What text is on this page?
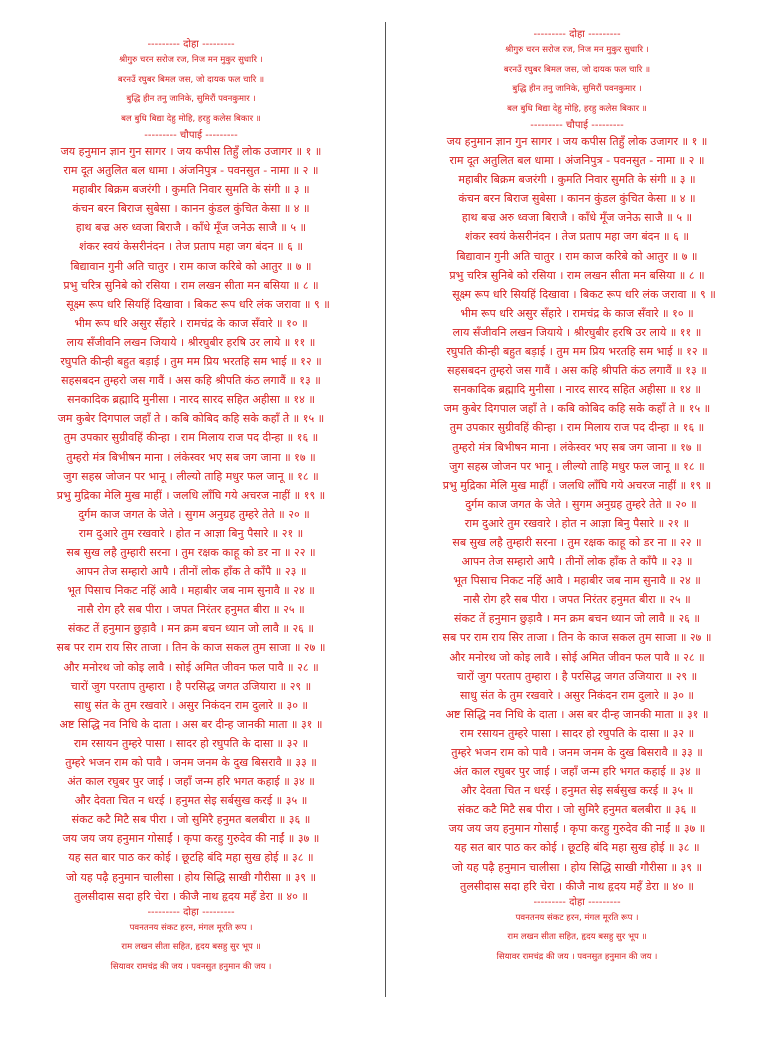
--------- दोहा ---------
श्रीगुरु चरन सरोज रज, निज मन मुकुर सुधारि ।
बरनउँ रघुबर बिमल जस, जो दायक फल चारि ॥
बुद्धि हीन तनु जानिके, सुमिरौं पवनकुमार ।
बल बुधि बिद्या देहु मोहि, हरहु कलेस बिकार ॥
--------- चौपाई ---------
जय हनुमान ज्ञान गुन सागर । जय कपीस तिहुँ लोक उजागर ॥ १ ॥
राम दूत अतुलित बल धामा । अंजनिपुत्र - पवनसुत - नामा ॥ २ ॥
महाबीर बिक्रम बजरंगी । कुमति निवार सुमति के संगी ॥ ३ ॥
कंचन बरन बिराज सुबेसा । कानन कुंडल कुंचित केसा ॥ ४ ॥
हाथ बज्र अरु ध्वजा बिराजै । काँधे मूँज जनेऊ साजै ॥ ५ ॥
शंकर स्वयं केसरीनंदन । तेज प्रताप महा जग बंदन ॥ ६ ॥
बिद्यावान गुनी अति चातुर । राम काज करिबे को आतुर ॥ ७ ॥
प्रभु चरित्र सुनिबे को रसिया । राम लखन सीता मन बसिया ॥ ८ ॥
सूक्ष्म रूप धरि सियहिं दिखावा । बिकट रूप धरि लंक जरावा ॥ ९ ॥
भीम रूप धरि असुर सँहारे । रामचंद्र के काज सँवारे ॥ १० ॥
लाय सँजीवनि लखन जियाये । श्रीरघुबीर हरषि उर लाये ॥ ११ ॥
रघुपति कीन्ही बहुत बड़ाई । तुम मम प्रिय भरतहि सम भाई ॥ १२ ॥
सहसबदन तुम्हरो जस गावैं । अस कहि श्रीपति कंठ लगावैं ॥ १३ ॥
सनकादिक ब्रह्मादि मुनीसा । नारद सारद सहित अहीसा ॥ १४ ॥
जम कुबेर दिगपाल जहाँ ते । कबि कोबिद कहि सके कहाँ ते ॥ १५ ॥
तुम उपकार सुग्रीवहिं कीन्हा । राम मिलाय राज पद दीन्हा ॥ १६ ॥
तुम्हरो मंत्र बिभीषन माना । लंकेस्वर भए सब जग जाना ॥ १७ ॥
जुग सहस्र जोजन पर भानू । लील्यो ताहि मधुर फल जानू ॥ १८ ॥
प्रभु मुद्रिका मेलि मुख माहीं । जलधि लाँघि गये अचरज नाहीं ॥ १९ ॥
दुर्गम काज जगत के जेते । सुगम अनुग्रह तुम्हरे तेते ॥ २० ॥
राम दुआरे तुम रखवारे । होत न आज्ञा बिनु पैसारे ॥ २१ ॥
सब सुख लहै तुम्हारी सरना । तुम रक्षक काहू को डर ना ॥ २२ ॥
आपन तेज सम्हारो आपै । तीनों लोक हाँक ते काँपै ॥ २३ ॥
भूत पिसाच निकट नहिं आवै । महाबीर जब नाम सुनावै ॥ २४ ॥
नासै रोग हरै सब पीरा । जपत निरंतर हनुमत बीरा ॥ २५ ॥
संकट तें हनुमान छुड़ावै । मन क्रम बचन ध्यान जो लावै ॥ २६ ॥
सब पर राम राय सिर ताजा । तिन के काज सकल तुम साजा ॥ २७ ॥
और मनोरथ जो कोइ लावै । सोई अमित जीवन फल पावै ॥ २८ ॥
चारों जुग परताप तुम्हारा । है परसिद्ध जगत उजियारा ॥ २९ ॥
साधु संत के तुम रखवारे । असुर निकंदन राम दुलारे ॥ ३० ॥
अष्ट सिद्धि नव निधि के दाता । अस बर दीन्ह जानकी माता ॥ ३१ ॥
राम रसायन तुम्हरे पासा । सादर हो रघुपति के दासा ॥ ३२ ॥
तुम्हरे भजन राम को पावै । जनम जनम के दुख बिसरावै ॥ ३३ ॥
अंत काल रघुबर पुर जाई । जहाँ जन्म हरि भगत कहाई ॥ ३४ ॥
और देवता चित न धरई । हनुमत सेइ सर्बसुख करई ॥ ३५ ॥
संकट कटै मिटै सब पीरा । जो सुमिरै हनुमत बलबीरा ॥ ३६ ॥
जय जय जय हनुमान गोसाईं । कृपा करहु गुरुदेव की नाईं ॥ ३७ ॥
यह सत बार पाठ कर कोई । छूटहि बंदि महा सुख होई ॥ ३८ ॥
जो यह पढ़ै हनुमान चालीसा । होय सिद्धि साखी गौरीसा ॥ ३९ ॥
तुलसीदास सदा हरि चेरा । कीजै नाथ हृदय महँ डेरा ॥ ४० ॥
--------- दोहा ---------
पवनतनय संकट हरन, मंगल मूरति रूप ।
राम लखन सीता सहित, हृदय बसहु सुर भूप ॥
सियावर रामचंद्र की जय । पवनसुत हनुमान की जय ।
--------- दोहा ---------
श्रीगुरु चरन सरोज रज, निज मन मुकुर सुधारि ।
बरनउँ रघुबर बिमल जस, जो दायक फल चारि ॥
बुद्धि हीन तनु जानिके, सुमिरौं पवनकुमार ।
बल बुधि बिद्या देहु मोहि, हरहु कलेस बिकार ॥
--------- चौपाई ---------
जय हनुमान ज्ञान गुन सागर । जय कपीस तिहुँ लोक उजागर ॥ १ ॥
राम दूत अतुलित बल धामा । अंजनिपुत्र - पवनसुत - नामा ॥ २ ॥
महाबीर बिक्रम बजरंगी । कुमति निवार सुमति के संगी ॥ ३ ॥
कंचन बरन बिराज सुबेसा । कानन कुंडल कुंचित केसा ॥ ४ ॥
हाथ बज्र अरु ध्वजा बिराजै । काँधे मूँज जनेऊ साजै ॥ ५ ॥
शंकर स्वयं केसरीनंदन । तेज प्रताप महा जग बंदन ॥ ६ ॥
बिद्यावान गुनी अति चातुर । राम काज करिबे को आतुर ॥ ७ ॥
प्रभु चरित्र सुनिबे को रसिया । राम लखन सीता मन बसिया ॥ ८ ॥
सूक्ष्म रूप धरि सियहिं दिखावा । बिकट रूप धरि लंक जरावा ॥ ९ ॥
भीम रूप धरि असुर सँहारे । रामचंद्र के काज सँवारे ॥ १० ॥
लाय सँजीवनि लखन जियाये । श्रीरघुबीर हरषि उर लाये ॥ ११ ॥
रघुपति कीन्ही बहुत बड़ाई । तुम मम प्रिय भरतहि सम भाई ॥ १२ ॥
सहसबदन तुम्हरो जस गावैं । अस कहि श्रीपति कंठ लगावैं ॥ १३ ॥
सनकादिक ब्रह्मादि मुनीसा । नारद सारद सहित अहीसा ॥ १४ ॥
जम कुबेर दिगपाल जहाँ ते । कबि कोबिद कहि सके कहाँ ते ॥ १५ ॥
तुम उपकार सुग्रीवहिं कीन्हा । राम मिलाय राज पद दीन्हा ॥ १६ ॥
तुम्हरो मंत्र बिभीषन माना । लंकेस्वर भए सब जग जाना ॥ १७ ॥
जुग सहस्र जोजन पर भानू । लील्यो ताहि मधुर फल जानू ॥ १८ ॥
प्रभु मुद्रिका मेलि मुख माहीं । जलधि लाँघि गये अचरज नाहीं ॥ १९ ॥
दुर्गम काज जगत के जेते । सुगम अनुग्रह तुम्हरे तेते ॥ २० ॥
राम दुआरे तुम रखवारे । होत न आज्ञा बिनु पैसारे ॥ २१ ॥
सब सुख लहै तुम्हारी सरना । तुम रक्षक काहू को डर ना ॥ २२ ॥
आपन तेज सम्हारो आपै । तीनों लोक हाँक ते काँपै ॥ २३ ॥
भूत पिसाच निकट नहिं आवै । महाबीर जब नाम सुनावै ॥ २४ ॥
नासै रोग हरै सब पीरा । जपत निरंतर हनुमत बीरा ॥ २५ ॥
संकट तें हनुमान छुड़ावै । मन क्रम बचन ध्यान जो लावै ॥ २६ ॥
सब पर राम राय सिर ताजा । तिन के काज सकल तुम साजा ॥ २७ ॥
और मनोरथ जो कोइ लावै । सोई अमित जीवन फल पावै ॥ २८ ॥
चारों जुग परताप तुम्हारा । है परसिद्ध जगत उजियारा ॥ २९ ॥
साधु संत के तुम रखवारे । असुर निकंदन राम दुलारे ॥ ३० ॥
अष्ट सिद्धि नव निधि के दाता । अस बर दीन्ह जानकी माता ॥ ३१ ॥
राम रसायन तुम्हरे पासा । सादर हो रघुपति के दासा ॥ ३२ ॥
तुम्हरे भजन राम को पावै । जनम जनम के दुख बिसरावै ॥ ३३ ॥
अंत काल रघुबर पुर जाई । जहाँ जन्म हरि भगत कहाई ॥ ३४ ॥
और देवता चित न धरई । हनुमत सेइ सर्बसुख करई ॥ ३५ ॥
संकट कटै मिटै सब पीरा । जो सुमिरै हनुमत बलबीरा ॥ ३६ ॥
जय जय जय हनुमान गोसाईं । कृपा करहु गुरुदेव की नाईं ॥ ३७ ॥
यह सत बार पाठ कर कोई । छूटहि बंदि महा सुख होई ॥ ३८ ॥
जो यह पढ़ै हनुमान चालीसा । होय सिद्धि साखी गौरीसा ॥ ३९ ॥
तुलसीदास सदा हरि चेरा । कीजै नाथ हृदय महँ डेरा ॥ ४० ॥
--------- दोहा ---------
पवनतनय संकट हरन, मंगल मूरति रूप ।
राम लखन सीता सहित, हृदय बसहु सुर भूप ॥
सियावर रामचंद्र की जय । पवनसुत हनुमान की जय ।
